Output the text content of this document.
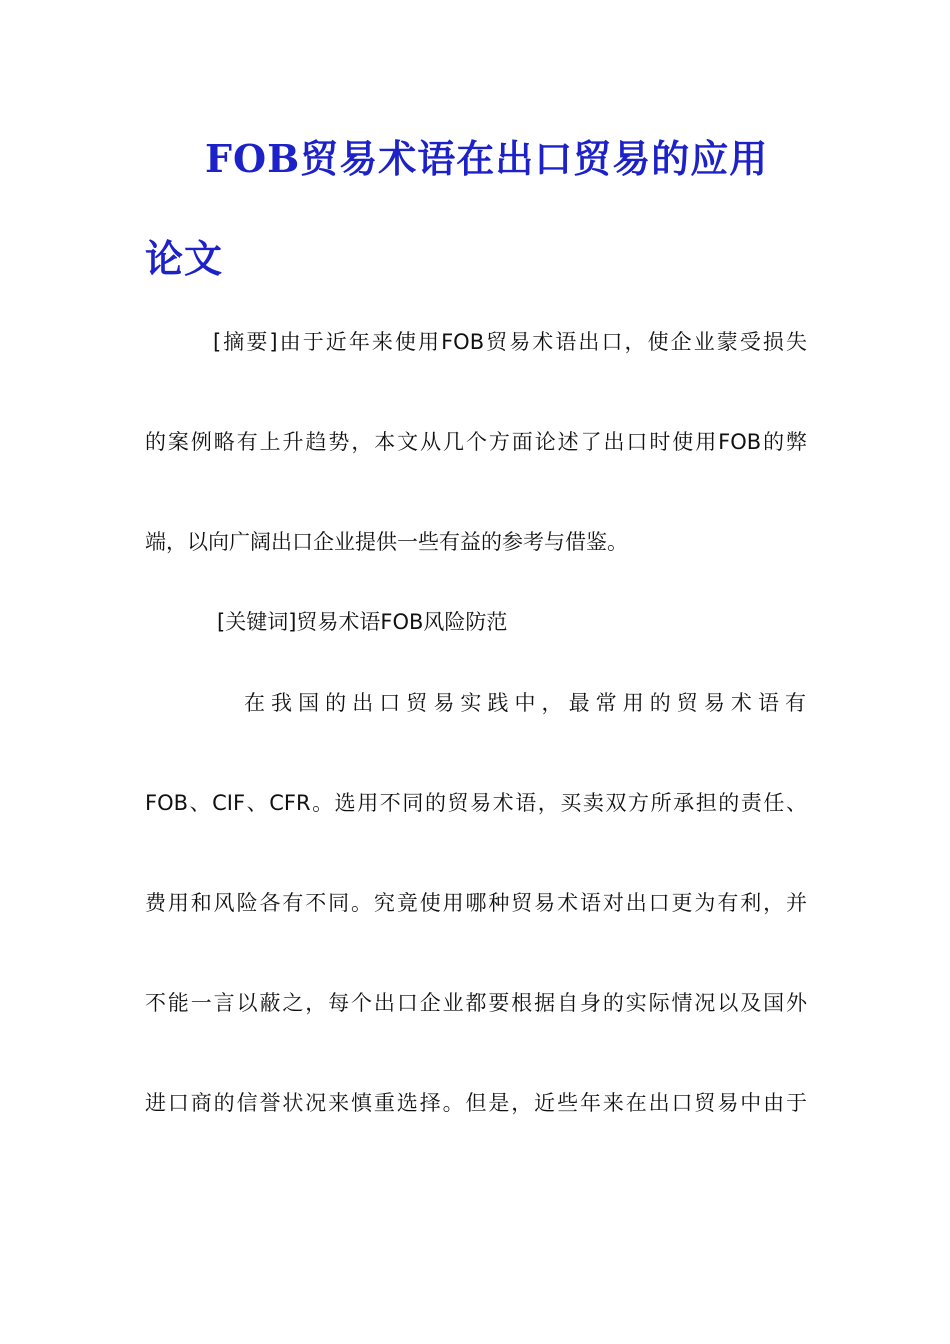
FOB贸易术语在出口贸易的应用
论文
[摘要]由于近年来使用FOB贸易术语出口，使企业蒙受损失
的案例略有上升趋势，本文从几个方面论述了出口时使用FOB的弊
端，以向广阔出口企业提供一些有益的参考与借鉴。
[关键词]贸易术语FOB风险防范
在我国的出口贸易实践中，最常用的贸易术语有
FOB、CIF、CFR。选用不同的贸易术语，买卖双方所承担的责任、
费用和风险各有不同。究竟使用哪种贸易术语对出口更为有利，并
不能一言以蔽之，每个出口企业都要根据自身的实际情况以及国外
进口商的信誉状况来慎重选择。但是，近些年来在出口贸易中由于
